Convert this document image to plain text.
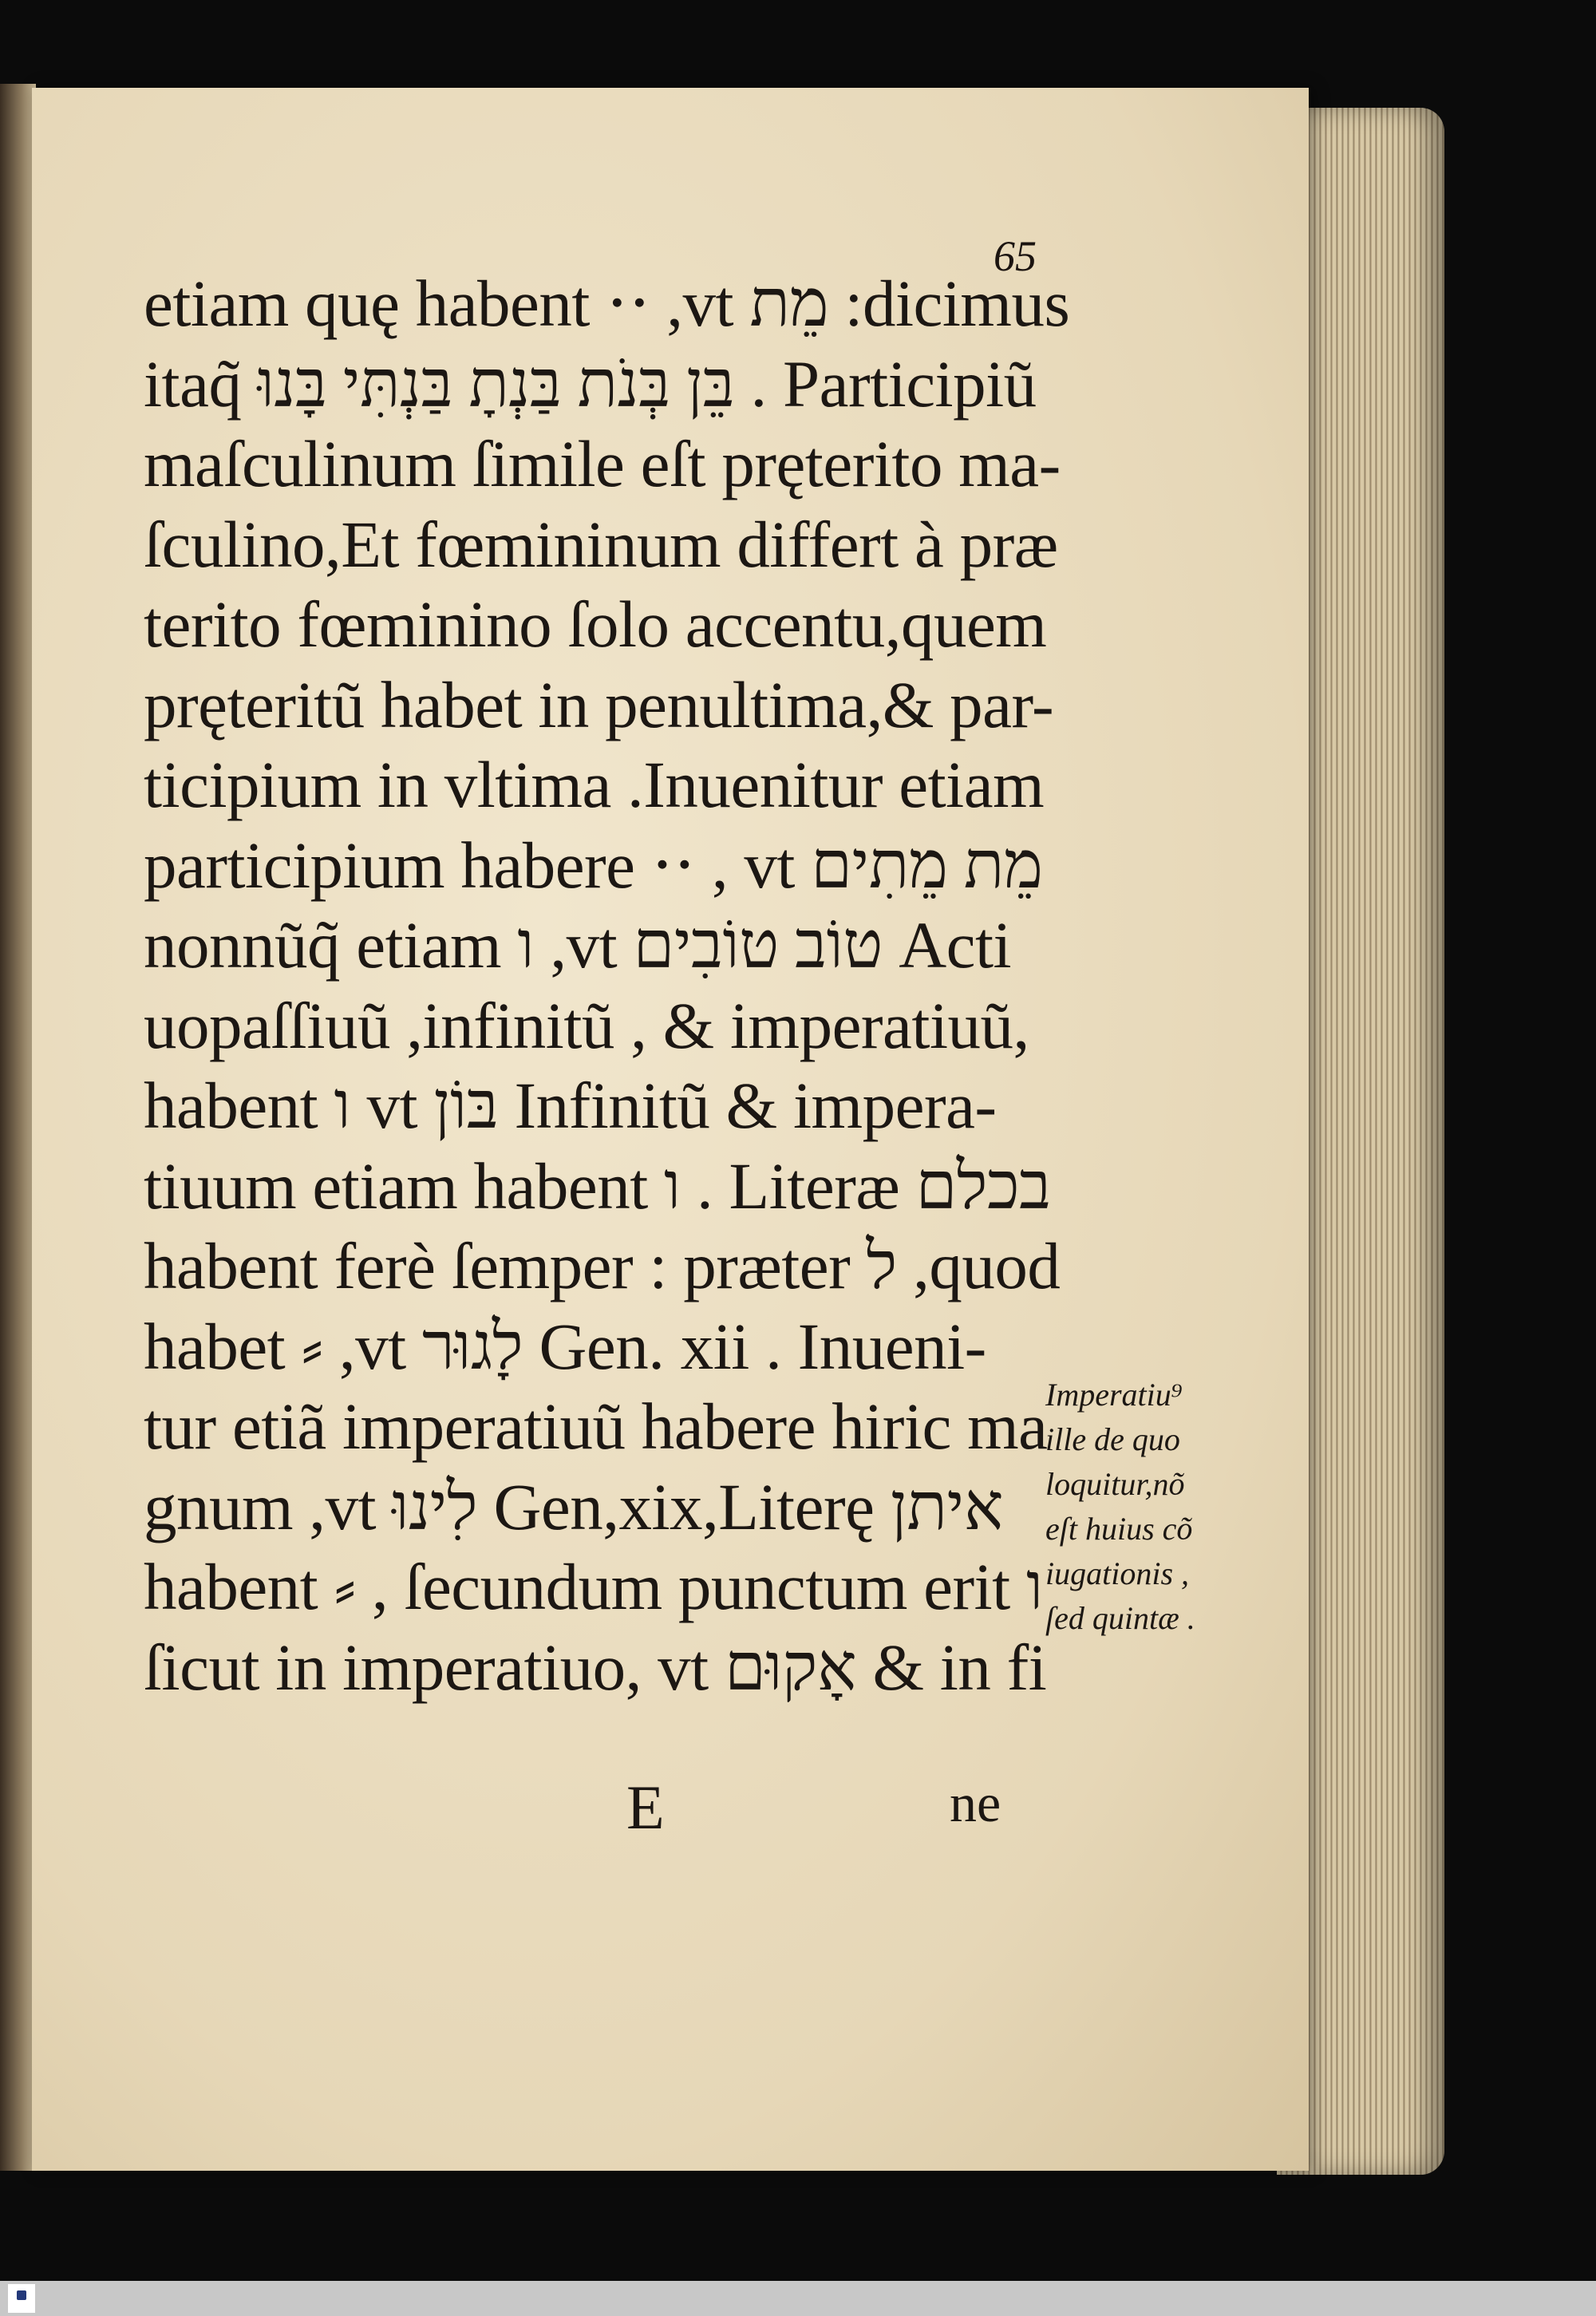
65
etiam quę habent ⋅⋅ ,vt מֵת :dicimus
itaq̃ בֵּן בְּנֹת בַּנְתָ בַּנְתִּי בָּנוּ . Participiũ
maſculinum ſimile eſt pręterito ma-
ſculino,Et fœmininum differt à præ
terito fœminino ſolo accentu,quem
pręteritũ habet in penultima,& par-
ticipium in vltima .Inuenitur etiam
participium habere ⋅⋅ , vt מֵת מֵתִים
nonnũq̃ etiam ו ,vt טוֹב טוֹבִים Acti
uopaſſiuũ ,infinitũ , & imperatiuũ,
habent ו vt בּוֹן Infinitũ & impera-
tiuum etiam habent ו . Literæ בכלם
habent ferè ſemper : præter ל ,quod
habet ⸗ ,vt לָגוּר Gen. xii . Inueni-
tur etiã imperatiuũ habere hiric ma
gnum ,vt לִינוּ Gen,xix,Literę איתן
habent ⸗ , ſecundum punctum erit ו
ſicut in imperatiuo, vt אָקוּם & in fi
Imperatiu⁹
ille de quo
loquitur,nõ
eſt huius cõ
iugationis ,
ſed quintæ .
E	ne
